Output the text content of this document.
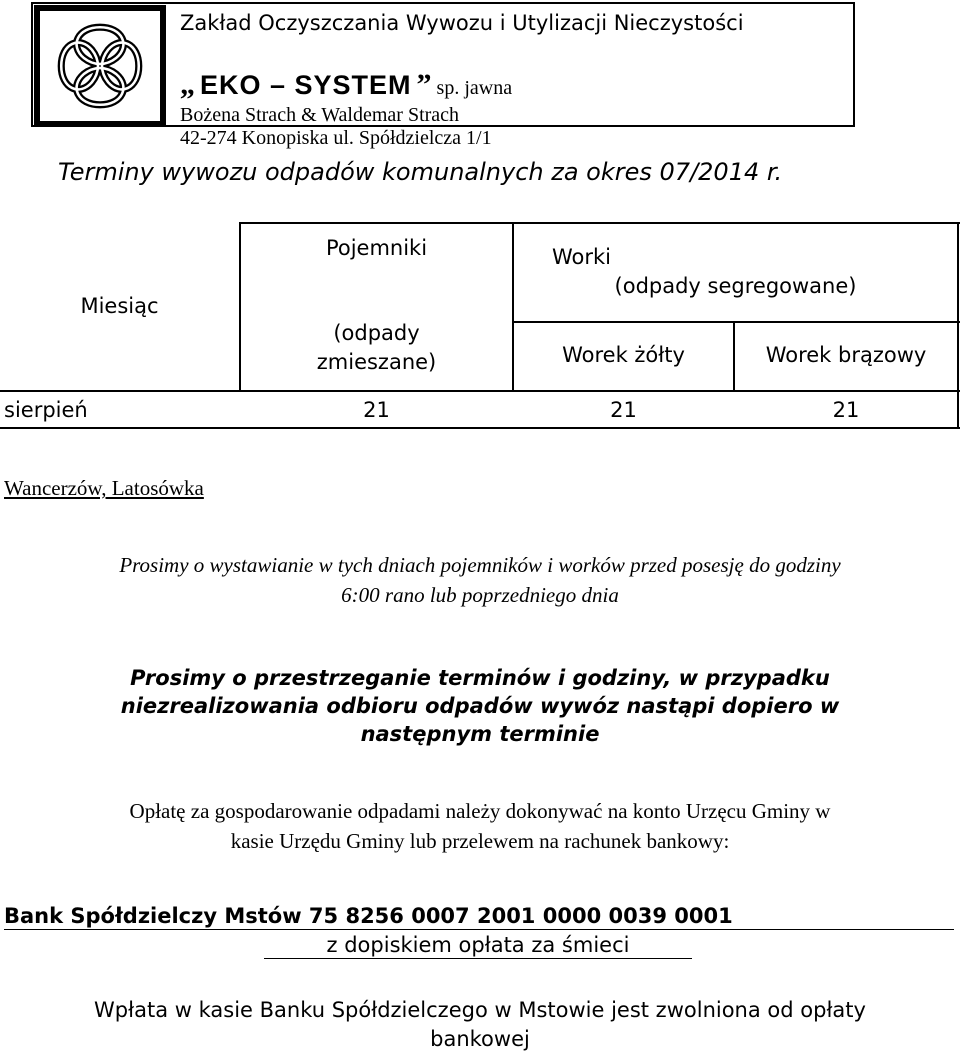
Zakład Oczyszczania Wywozu i Utylizacji Nieczystości
„ EKO – SYSTEM ” sp. jawna
Bożena Strach & Waldemar Strach
42-274 Konopiska ul. Spółdzielcza 1/1
Terminy wywozu odpadów komunalnych za okres 07/2014 r.
Miesiąc
Pojemniki
(odpady
zmieszane)
Worki
(odpady segregowane)
Worek żółty	Worek brązowy
sierpień	21	21	21
Wancerzów, Latosówka
Prosimy o wystawianie w tych dniach pojemników i worków przed posesję do godziny
6:00 rano lub poprzedniego dnia
Prosimy o przestrzeganie terminów i godziny, w przypadku
niezrealizowania odbioru odpadów wywóz nastąpi dopiero w
następnym terminie
Opłatę za gospodarowanie odpadami należy dokonywać na konto Urzęcu Gminy w
kasie Urzędu Gminy lub przelewem na rachunek bankowy:
Bank Spółdzielczy Mstów 75 8256 0007 2001 0000 0039 0001
z dopiskiem opłata za śmieci
Wpłata w kasie Banku Spółdzielczego w Mstowie jest zwolniona od opłaty
bankowej
